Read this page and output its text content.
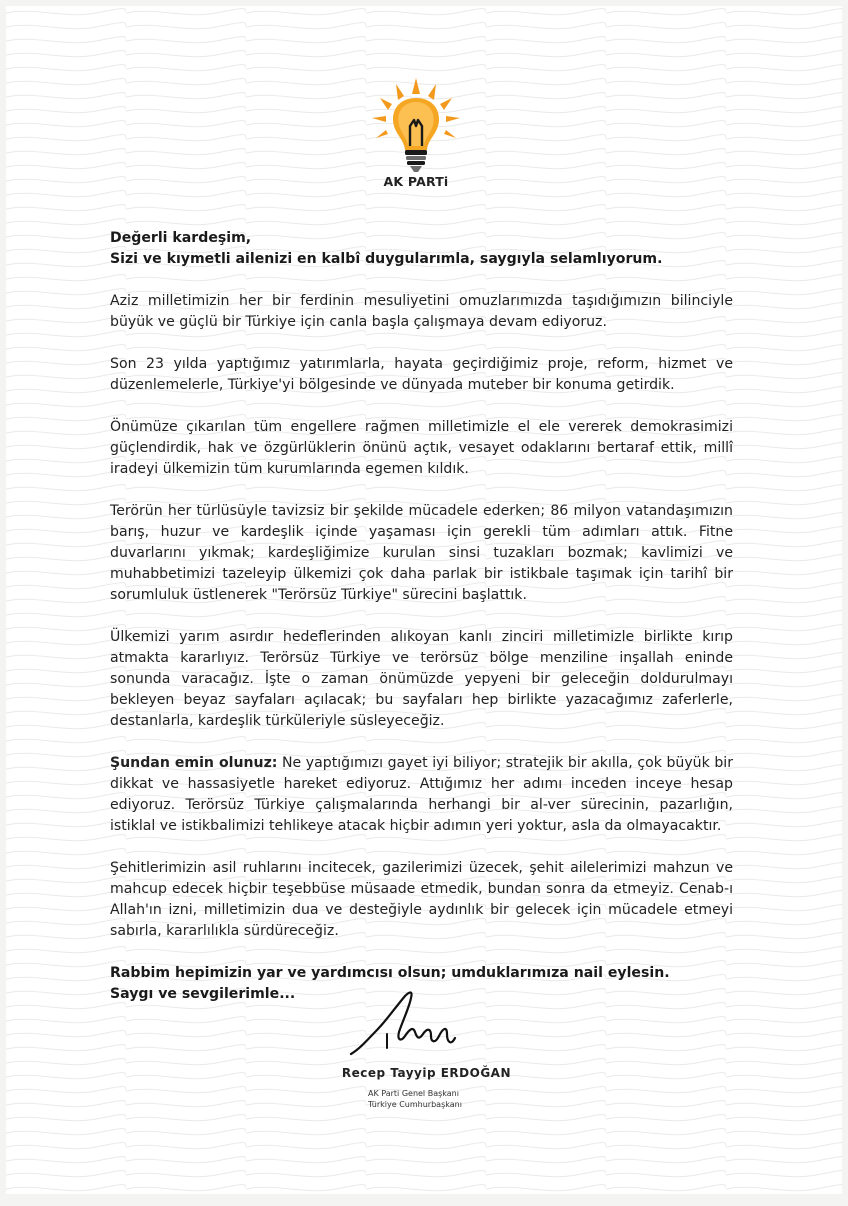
AK PARTi

Değerli kardeşim,

Sizi ve kıymetli ailenizi en kalbî duygularımla, saygıyla selamlıyorum.

Aziz milletimizin her bir ferdinin mesuliyetini omuzlarımızda taşıdığımızın bilinciyle büyük ve güçlü bir Türkiye için canla başla çalışmaya devam ediyoruz.

Son 23 yılda yaptığımız yatırımlarla, hayata geçirdiğimiz proje, reform, hizmet ve düzenlemelerle, Türkiye'yi bölgesinde ve dünyada muteber bir konuma getirdik.

Önümüze çıkarılan tüm engellere rağmen milletimizle el ele vererek demokrasimizi güçlendirdik, hak ve özgürlüklerin önünü açtık, vesayet odaklarını bertaraf ettik, millî iradeyi ülkemizin tüm kurumlarında egemen kıldık.

Terörün her türlüsüyle tavizsiz bir şekilde mücadele ederken; 86 milyon vatandaşımızın barış, huzur ve kardeşlik içinde yaşaması için gerekli tüm adımları attık. Fitne duvarlarını yıkmak; kardeşliğimize kurulan sinsi tuzakları bozmak; kavlimizi ve muhabbetimizi tazeleyip ülkemizi çok daha parlak bir istikbale taşımak için tarihî bir sorumluluk üstlenerek "Terörsüz Türkiye" sürecini başlattık.

Ülkemizi yarım asırdır hedeflerinden alıkoyan kanlı zinciri milletimizle birlikte kırıp atmakta kararlıyız. Terörsüz Türkiye ve terörsüz bölge menziline inşallah eninde sonunda varacağız. İşte o zaman önümüzde yepyeni bir geleceğin doldurulmayı bekleyen beyaz sayfaları açılacak; bu sayfaları hep birlikte yazacağımız zaferlerle, destanlarla, kardeşlik türküleriyle süsleyeceğiz.

Şundan emin olunuz: Ne yaptığımızı gayet iyi biliyor; stratejik bir akılla, çok büyük bir dikkat ve hassasiyetle hareket ediyoruz. Attığımız her adımı inceden inceye hesap ediyoruz. Terörsüz Türkiye çalışmalarında herhangi bir al-ver sürecinin, pazarlığın, istiklal ve istikbalimizi tehlikeye atacak hiçbir adımın yeri yoktur, asla da olmayacaktır.

Şehitlerimizin asil ruhlarını incitecek, gazilerimizi üzecek, şehit ailelerimizi mahzun ve mahcup edecek hiçbir teşebbüse müsaade etmedik, bundan sonra da etmeyiz. Cenab-ı Allah'ın izni, milletimizin dua ve desteğiyle aydınlık bir gelecek için mücadele etmeyi sabırla, kararlılıkla sürdüreceğiz.

Rabbim hepimizin yar ve yardımcısı olsun; umduklarımıza nail eylesin.

Saygı ve sevgilerimle...

Recep Tayyip ERDOĞAN
AK Parti Genel Başkanı
Türkiye Cumhurbaşkanı
